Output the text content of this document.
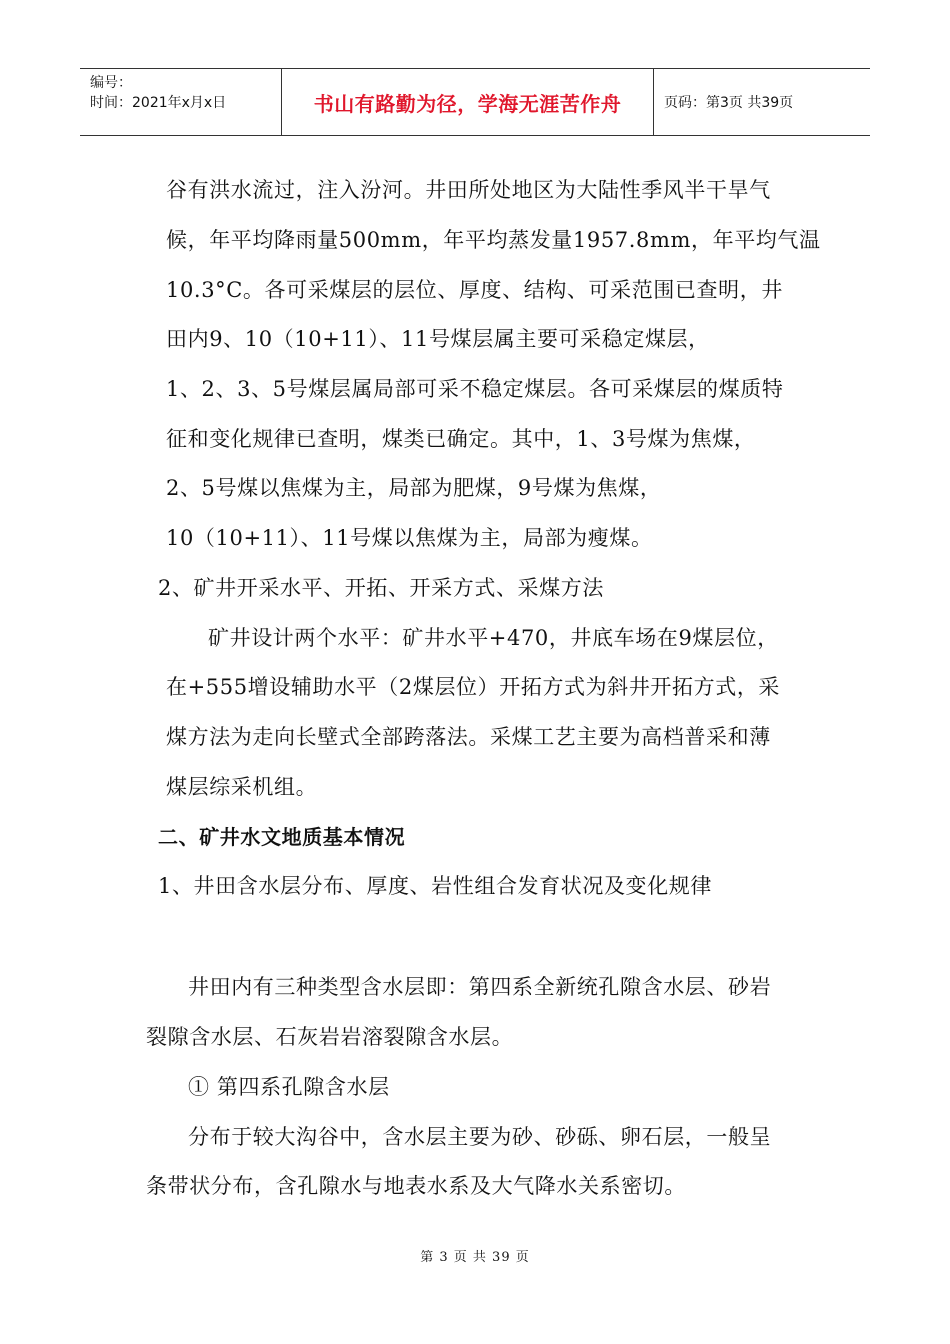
编号：
时间：2021年x月x日	书山有路勤为径，学海无涯苦作舟	页码：第3页 共39页
谷有洪水流过，注入汾河。井田所处地区为大陆性季风半干旱气
候，年平均降雨量500mm，年平均蒸发量1957.8mm，年平均气温
10.3°C。各可采煤层的层位、厚度、结构、可采范围已查明，井
田内9、10（10+11）、11号煤层属主要可采稳定煤层，
1、2、3、5号煤层属局部可采不稳定煤层。各可采煤层的煤质特
征和变化规律已查明，煤类已确定。其中，1、3号煤为焦煤，
2、5号煤以焦煤为主，局部为肥煤，9号煤为焦煤，
10（10+11）、11号煤以焦煤为主，局部为瘦煤。
2、矿井开采水平、开拓、开采方式、采煤方法
矿井设计两个水平：矿井水平+470，井底车场在9煤层位，
在+555增设辅助水平（2煤层位）开拓方式为斜井开拓方式，采
煤方法为走向长壁式全部跨落法。采煤工艺主要为高档普采和薄
煤层综采机组。
二、矿井水文地质基本情况
1、井田含水层分布、厚度、岩性组合发育状况及变化规律
井田内有三种类型含水层即：第四系全新统孔隙含水层、砂岩
裂隙含水层、石灰岩岩溶裂隙含水层。
① 第四系孔隙含水层
分布于较大沟谷中，含水层主要为砂、砂砾、卵石层，一般呈
条带状分布，含孔隙水与地表水系及大气降水关系密切。
第 3 页 共 39 页
